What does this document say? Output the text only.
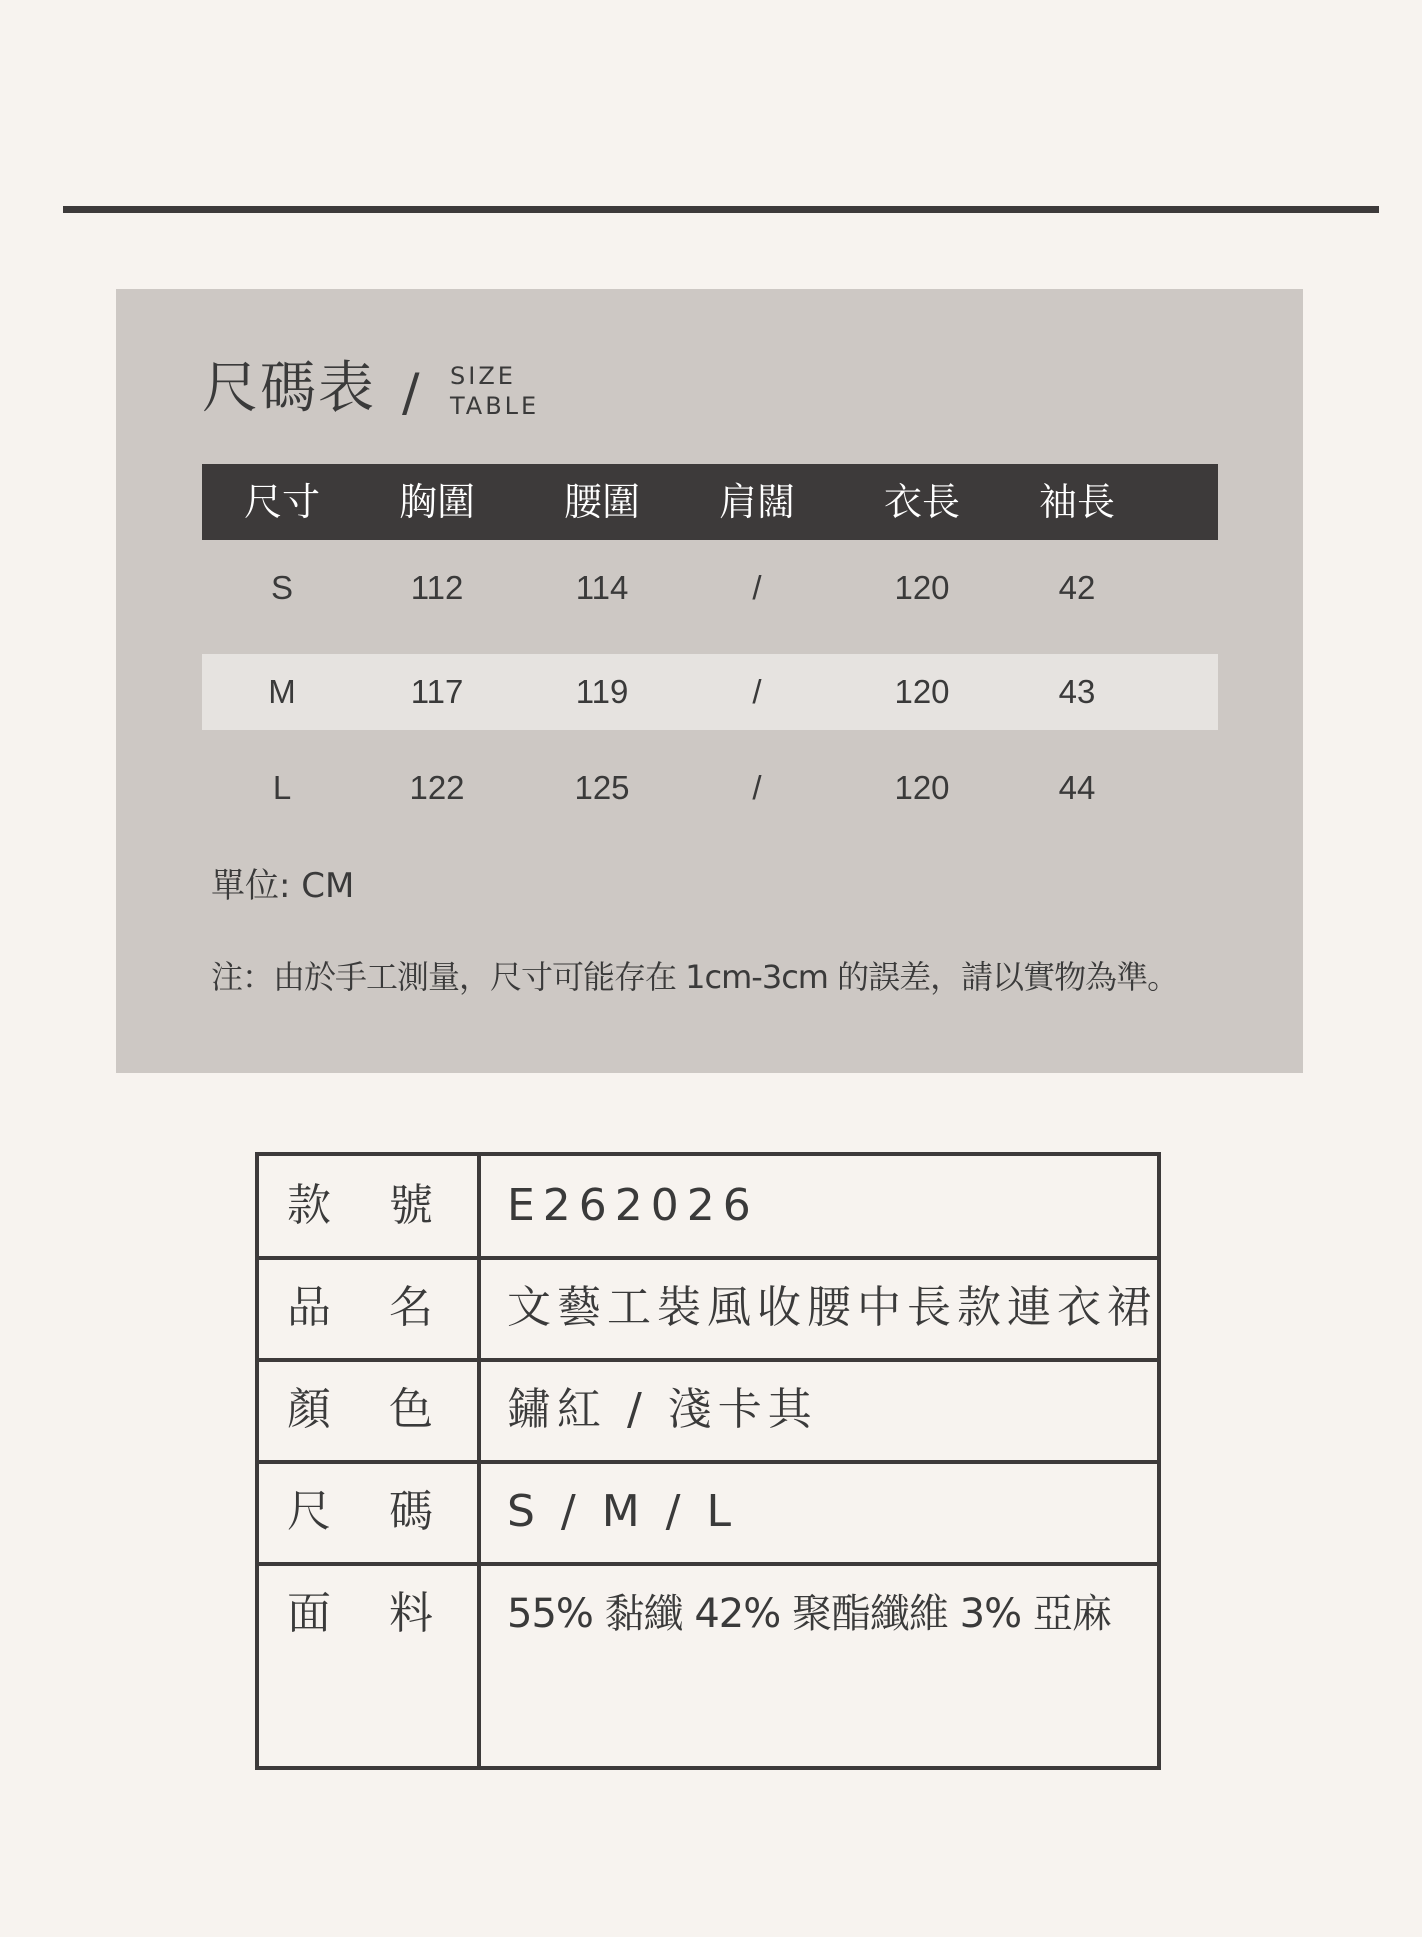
尺碼表 / SIZE
TABLE
尺寸	胸圍	腰圍	肩闊	衣長	袖長
S	112	114	/	120	42
M	117	119	/	120	43
L	122	125	/	120	44
單位: CM
注：由於手工測量，尺寸可能存在 1cm-3cm 的誤差，請以實物為準。
款 號 E262026
品 名 文藝工裝風收腰中長款連衣裙
顏 色 鏽紅 / 淺卡其
尺 碼 S / M / L
面 料 55% 黏纖 42% 聚酯纖維 3% 亞麻
